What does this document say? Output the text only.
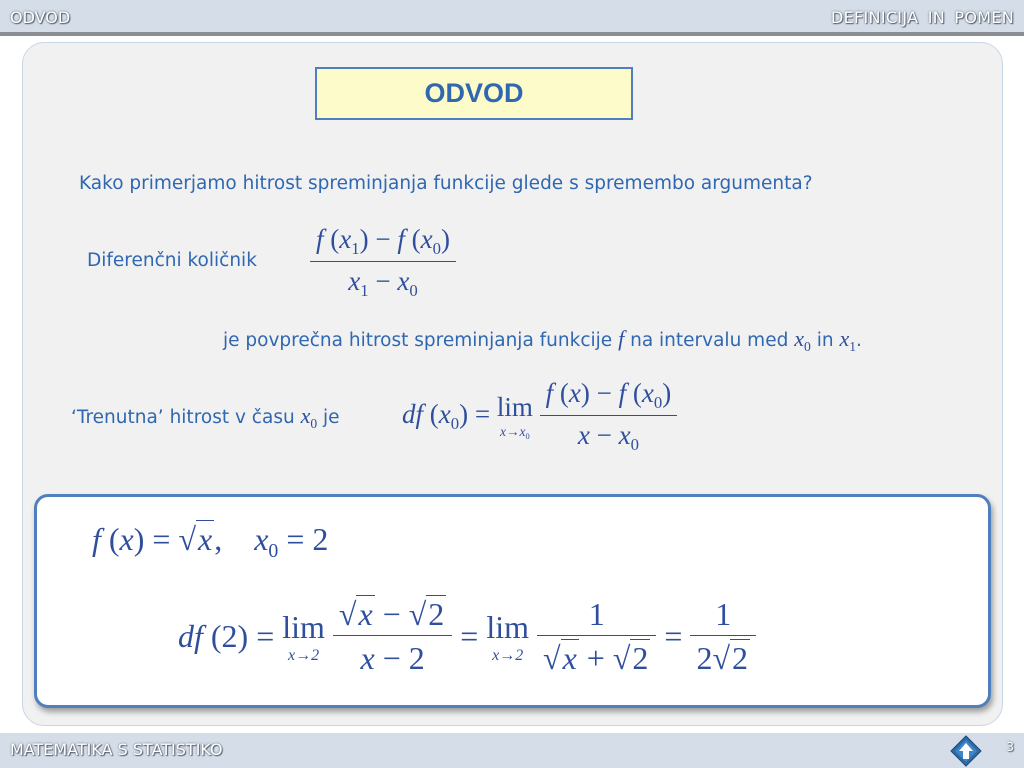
ODVOD	DEFINICIJA IN POMEN
ODVOD
Kako primerjamo hitrost spreminjanja funkcije glede s spremembo argumenta?
Diferenčni količnik $\frac{f (x_1) - f (x_0)}{x_1 - x_0}$
je povprečna hitrost spreminjanja funkcije f na intervalu med $x_0$ in $x_1$.
‘Trenutna’ hitrost v času $x_0$ je df $(x_0) = \lim$
$x\to x_0$
$\frac{f (x) - f (x_0)}{x - x_0}$
f (x) = √x,    $x_0 = 2$
df (2) = lim
x→2
$\frac{√x - √2}{x - 2} = \lim$
x→2
$\frac{1}{√x + √2} = \frac{1}{2√2}$
MATEMATIKA S STATISTIKO	3
